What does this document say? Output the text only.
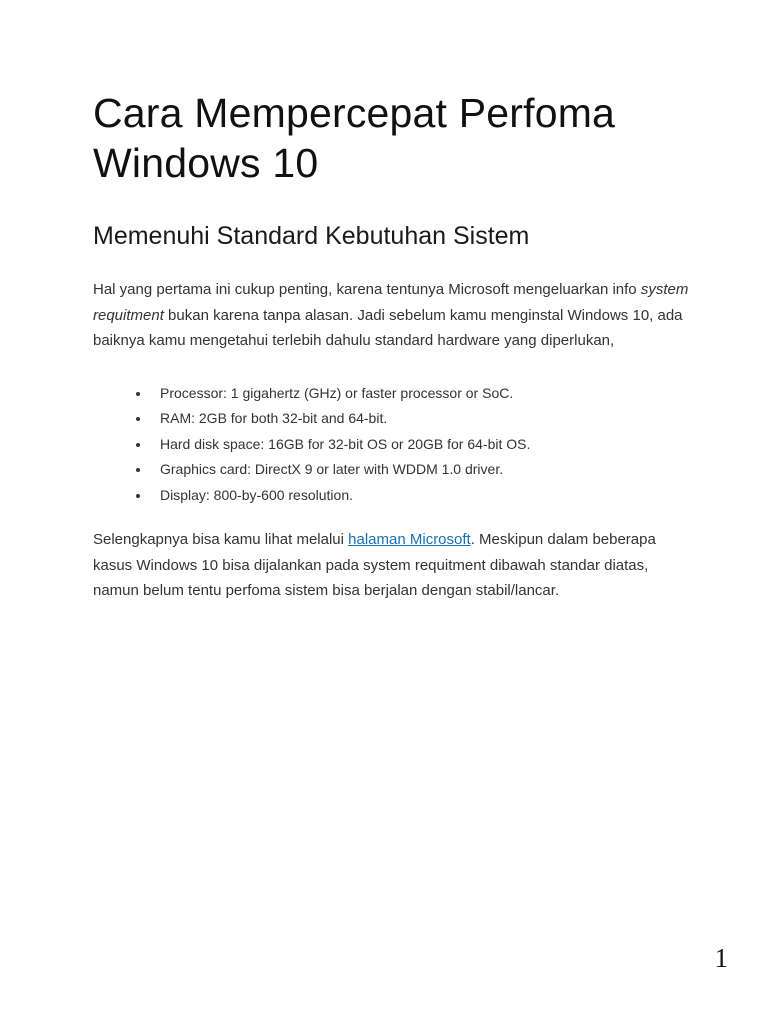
Cara Mempercepat Perfoma Windows 10
Memenuhi Standard Kebutuhan Sistem

Hal yang pertama ini cukup penting, karena tentunya Microsoft mengeluarkan info system requitment bukan karena tanpa alasan. Jadi sebelum kamu menginstal Windows 10, ada baiknya kamu mengetahui terlebih dahulu standard hardware yang diperlukan,

Processor: 1 gigahertz (GHz) or faster processor or SoC.
RAM: 2GB for both 32-bit and 64-bit.
Hard disk space: 16GB for 32-bit OS or 20GB for 64-bit OS.
Graphics card: DirectX 9 or later with WDDM 1.0 driver.
Display: 800-by-600 resolution.

Selengkapnya bisa kamu lihat melalui halaman Microsoft. Meskipun dalam beberapa kasus Windows 10 bisa dijalankan pada system requitment dibawah standar diatas, namun belum tentu perfoma sistem bisa berjalan dengan stabil/lancar.

1
